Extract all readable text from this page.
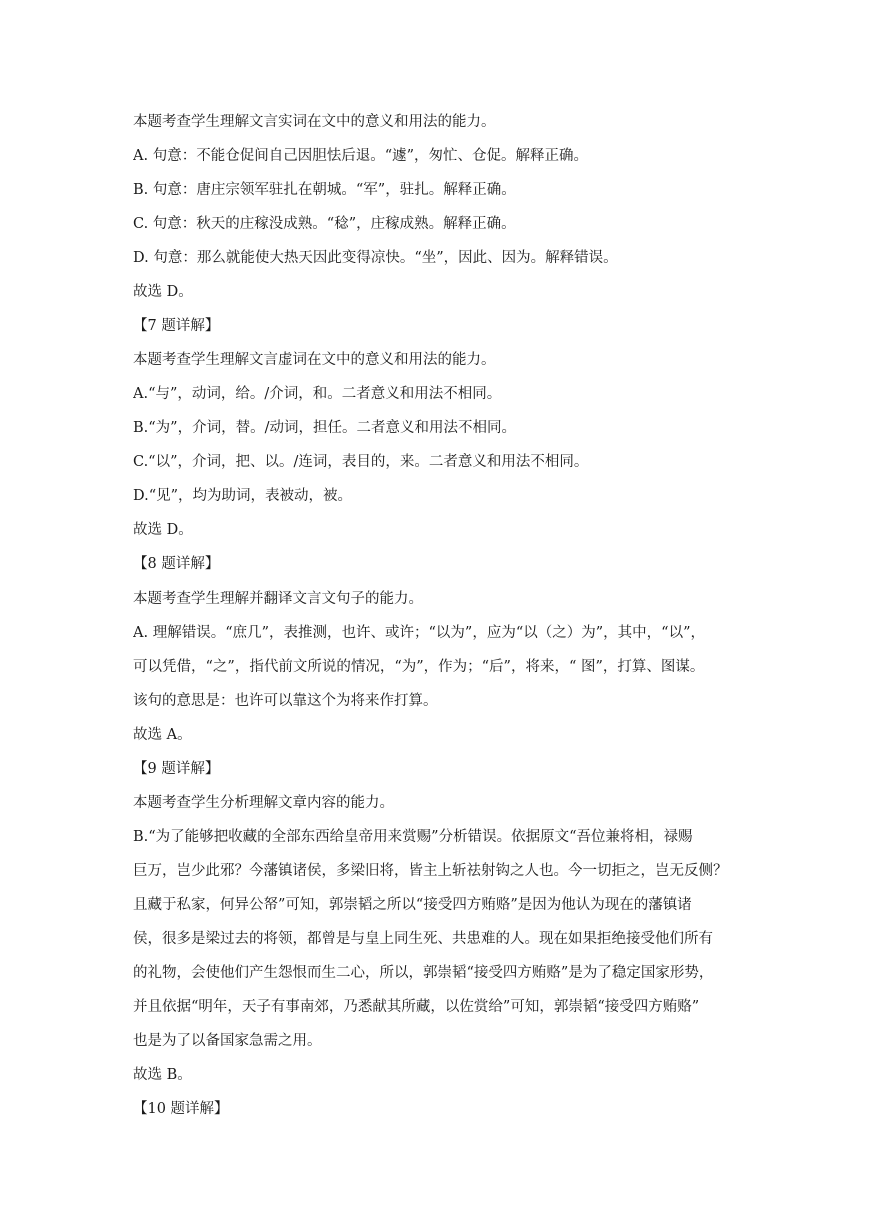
本题考查学生理解文言实词在文中的意义和用法的能力。
A. 句意：不能仓促间自己因胆怯后退。“遽”，匆忙、仓促。解释正确。
B. 句意：唐庄宗领军驻扎在朝城。“军”，驻扎。解释正确。
C. 句意：秋天的庄稼没成熟。“稔”，庄稼成熟。解释正确。
D. 句意：那么就能使大热天因此变得凉快。“坐”，因此、因为。解释错误。
故选 D。
【7 题详解】
本题考查学生理解文言虚词在文中的意义和用法的能力。
A.“与”，动词，给。/介词，和。二者意义和用法不相同。
B.“为”，介词，替。/动词，担任。二者意义和用法不相同。
C.“以”，介词，把、以。/连词，表目的，来。二者意义和用法不相同。
D.“见”，均为助词，表被动，被。
故选 D。
【8 题详解】
本题考查学生理解并翻译文言文句子的能力。
A. 理解错误。“庶几”，表推测，也许、或许；“以为”，应为“以（之）为”，其中，“以”，
可以凭借，“之”，指代前文所说的情况，“为”，作为；“后”，将来，“ 图”，打算、图谋。
该句的意思是：也许可以靠这个为将来作打算。
故选 A。
【9 题详解】
本题考查学生分析理解文章内容的能力。
B.“为了能够把收藏的全部东西给皇帝用来赏赐”分析错误。依据原文“吾位兼将相，禄赐
巨万，岂少此邪？今藩镇诸侯，多梁旧将，皆主上斩祛射钩之人也。今一切拒之，岂无反侧？
且藏于私家，何异公帑”可知，郭崇韬之所以“接受四方贿赂”是因为他认为现在的藩镇诸
侯，很多是梁过去的将领，都曾是与皇上同生死、共患难的人。现在如果拒绝接受他们所有
的礼物，会使他们产生怨恨而生二心，所以，郭崇韬“接受四方贿赂”是为了稳定国家形势，
并且依据“明年，天子有事南郊，乃悉献其所藏，以佐赏给”可知，郭崇韬“接受四方贿赂”
也是为了以备国家急需之用。
故选 B。
【10 题详解】
